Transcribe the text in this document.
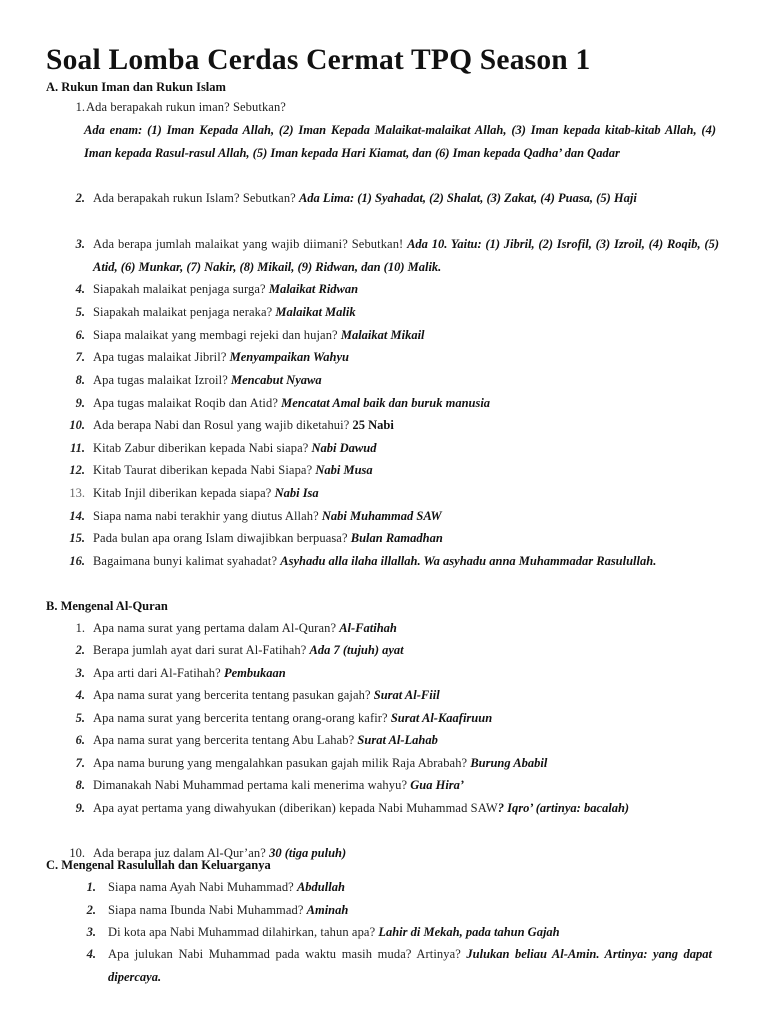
Soal Lomba Cerdas Cermat TPQ Season 1
A. Rukun Iman dan Rukun Islam
1. Ada berapakah rukun iman? Sebutkan?
Ada enam: (1) Iman Kepada Allah, (2) Iman Kepada Malaikat-malaikat Allah, (3) Iman kepada kitab-kitab Allah, (4) Iman kepada Rasul-rasul Allah, (5) Iman kepada Hari Kiamat, dan (6) Iman kepada Qadha’ dan Qadar
2. Ada berapakah rukun Islam? Sebutkan? Ada Lima: (1) Syahadat, (2) Shalat, (3) Zakat, (4) Puasa, (5) Haji
3. Ada berapa jumlah malaikat yang wajib diimani? Sebutkan! Ada 10. Yaitu: (1) Jibril, (2) Isrofil, (3) Izroil, (4) Roqib, (5) Atid, (6) Munkar, (7) Nakir, (8) Mikail, (9) Ridwan, dan (10) Malik.
4. Siapakah malaikat penjaga surga? Malaikat Ridwan
5. Siapakah malaikat penjaga neraka? Malaikat Malik
6. Siapa malaikat yang membagi rejeki dan hujan? Malaikat Mikail
7. Apa tugas malaikat Jibril? Menyampaikan Wahyu
8. Apa tugas malaikat Izroil? Mencabut Nyawa
9. Apa tugas malaikat Roqib dan Atid? Mencatat Amal baik dan buruk manusia
10. Ada berapa Nabi dan Rosul yang wajib diketahui? 25 Nabi
11. Kitab Zabur diberikan kepada Nabi siapa? Nabi Dawud
12. Kitab Taurat diberikan kepada Nabi Siapa? Nabi Musa
13. Kitab Injil diberikan kepada siapa? Nabi Isa
14. Siapa nama nabi terakhir yang diutus Allah? Nabi Muhammad SAW
15. Pada bulan apa orang Islam diwajibkan berpuasa? Bulan Ramadhan
16. Bagaimana bunyi kalimat syahadat? Asyhadu alla ilaha illallah. Wa asyhadu anna Muhammadar Rasulullah.
B. Mengenal Al-Quran
1. Apa nama surat yang pertama dalam Al-Quran? Al-Fatihah
2. Berapa jumlah ayat dari surat Al-Fatihah? Ada 7 (tujuh) ayat
3. Apa arti dari Al-Fatihah? Pembukaan
4. Apa nama surat yang bercerita tentang pasukan gajah? Surat Al-Fiil
5. Apa nama surat yang bercerita tentang orang-orang kafir? Surat Al-Kaafiruun
6. Apa nama surat yang bercerita tentang Abu Lahab? Surat Al-Lahab
7. Apa nama burung yang mengalahkan pasukan gajah milik Raja Abrabah? Burung Ababil
8. Dimanakah Nabi Muhammad pertama kali menerima wahyu? Gua Hira’
9. Apa ayat pertama yang diwahyukan (diberikan) kepada Nabi Muhammad SAW? Iqro’ (artinya: bacalah)
10. Ada berapa juz dalam Al-Qur’an? 30 (tiga puluh)
C. Mengenal Rasulullah dan Keluarganya
1. Siapa nama Ayah Nabi Muhammad? Abdullah
2. Siapa nama Ibunda Nabi Muhammad? Aminah
3. Di kota apa Nabi Muhammad dilahirkan, tahun apa? Lahir di Mekah, pada tahun Gajah
4. Apa julukan Nabi Muhammad pada waktu masih muda? Artinya? Julukan beliau Al-Amin. Artinya: yang dapat dipercaya.
